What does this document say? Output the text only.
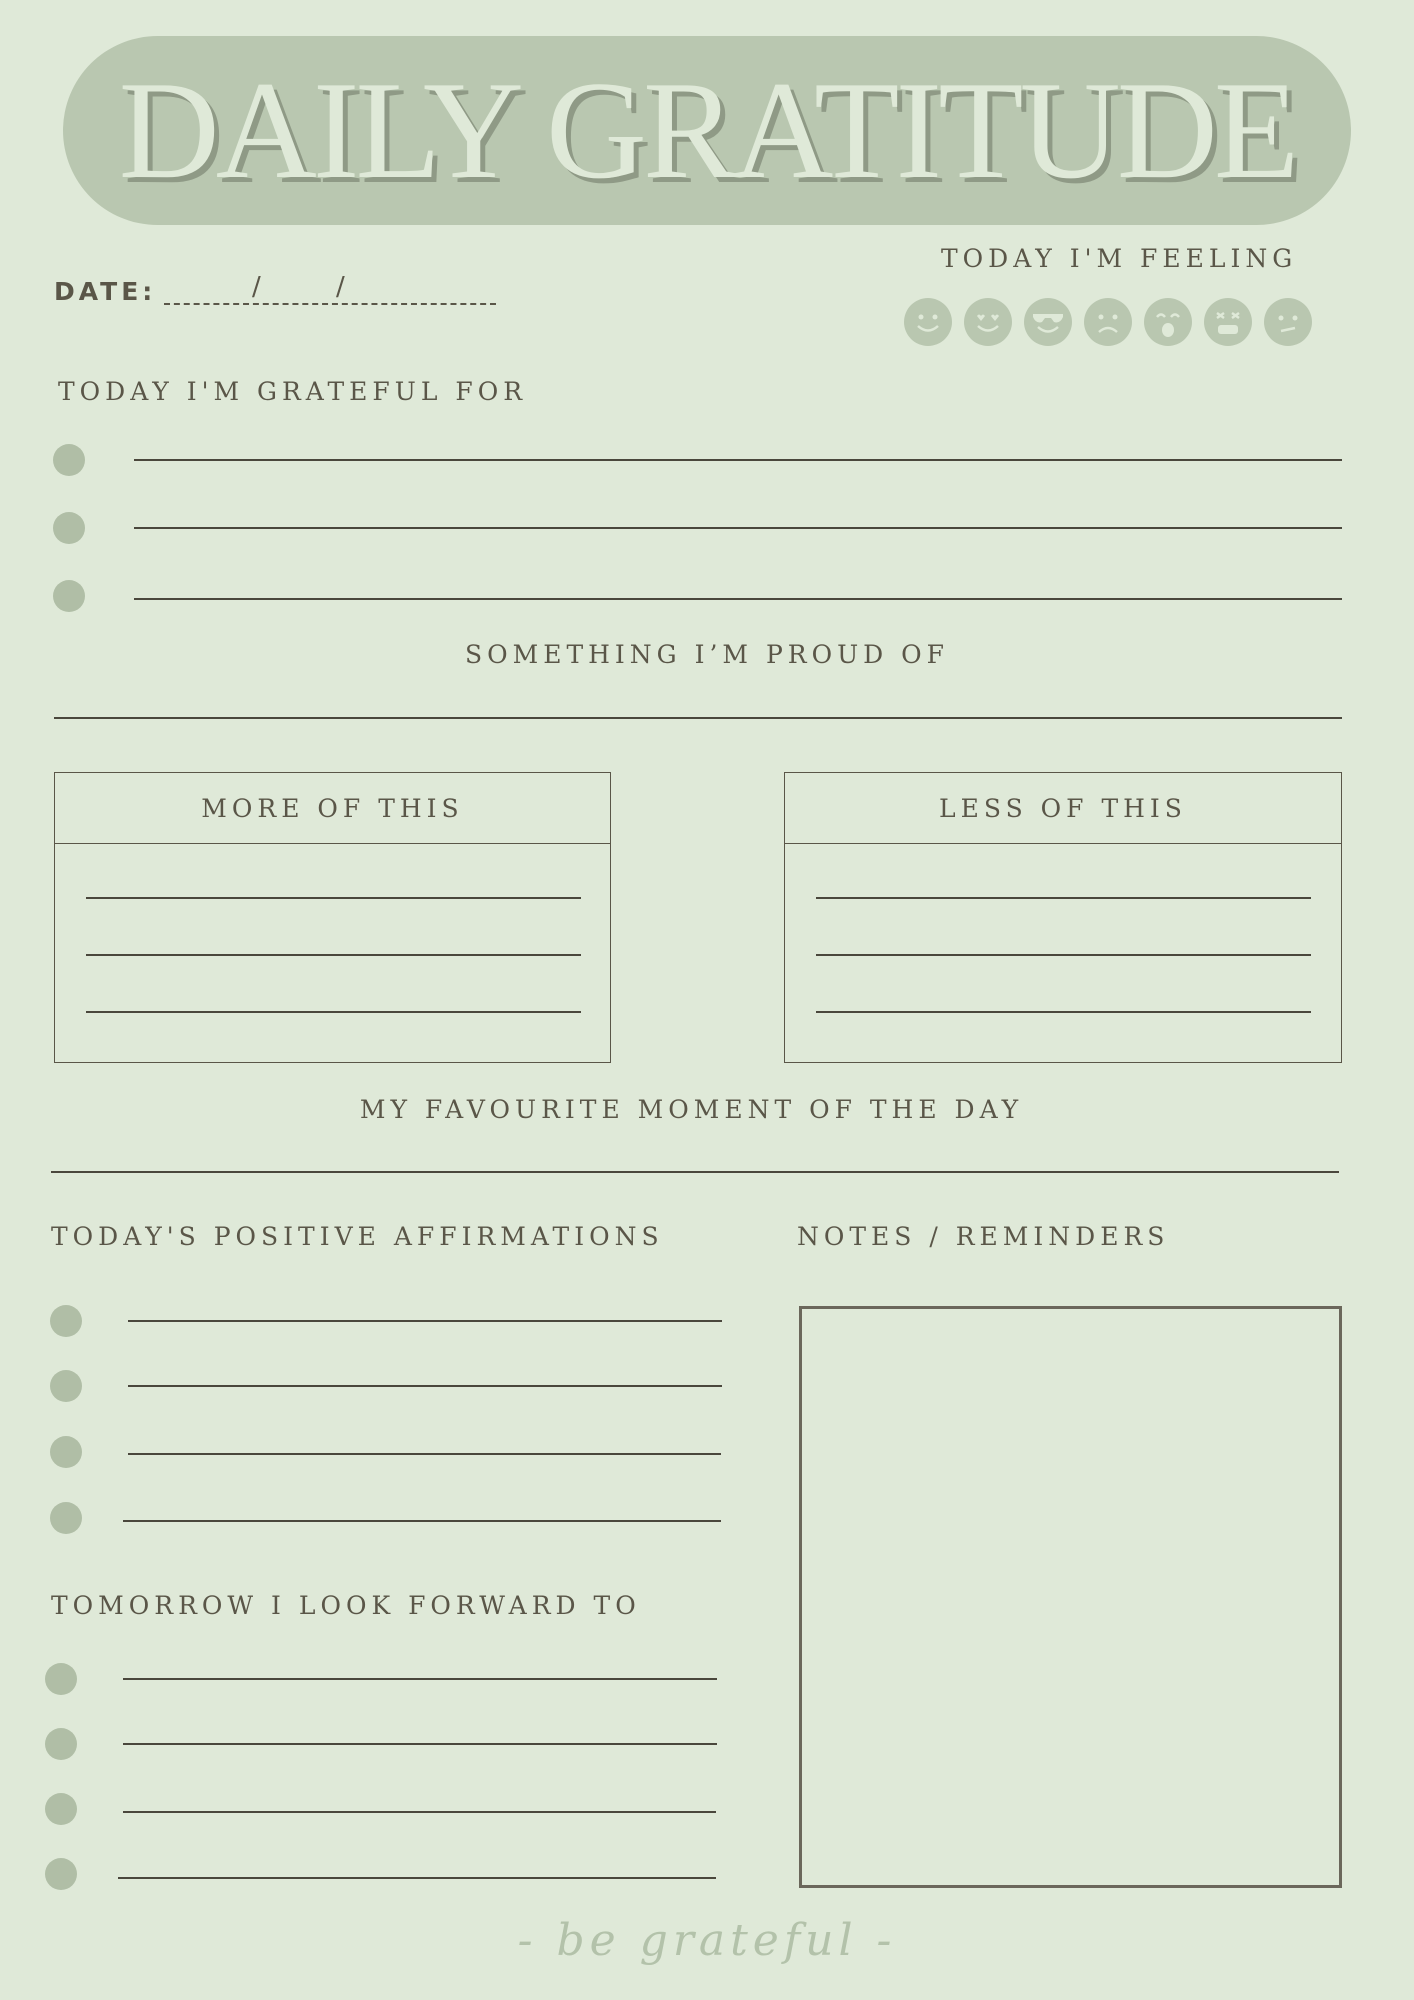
DAILY GRATITUDE
DATE:	/	/
TODAY I'M FEELING
TODAY I'M GRATEFUL FOR
SOMETHING I’M PROUD OF
MORE OF THIS	LESS OF THIS
MY FAVOURITE MOMENT OF THE DAY
TODAY'S POSITIVE AFFIRMATIONS	NOTES / REMINDERS
TOMORROW I LOOK FORWARD TO
- be grateful -
